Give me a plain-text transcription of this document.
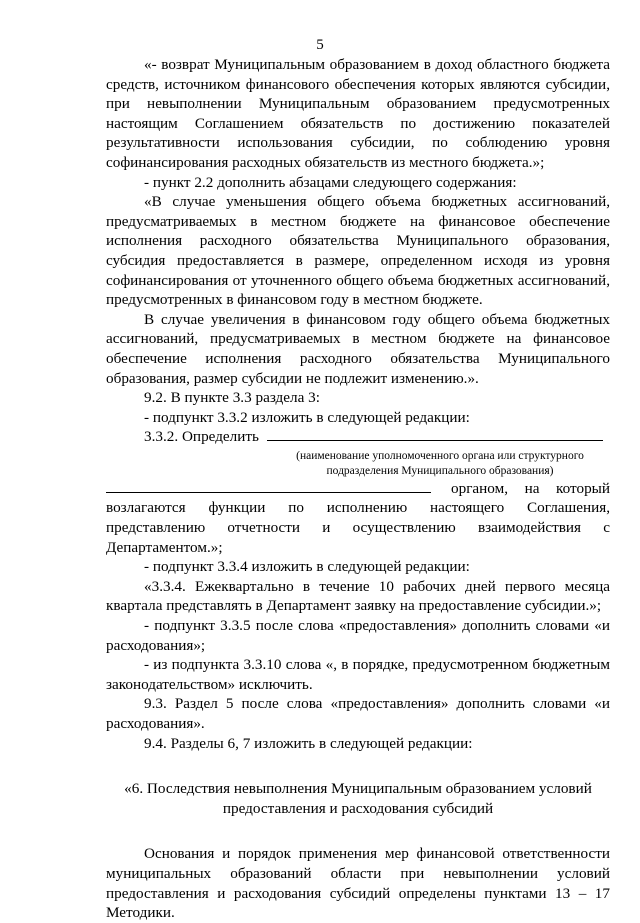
5

«- возврат Муниципальным образованием в доход областного бюджета средств, источником финансового обеспечения которых являются субсидии, при невыполнении Муниципальным образованием предусмотренных настоящим Соглашением обязательств по достижению показателей результативности использования субсидии, по соблюдению уровня софинансирования расходных обязательств из местного бюджета.»;

- пункт 2.2 дополнить абзацами следующего содержания:

«В случае уменьшения общего объема бюджетных ассигнований, предусматриваемых в местном бюджете на финансовое обеспечение исполнения расходного обязательства Муниципального образования, субсидия предоставляется в размере, определенном исходя из уровня софинансирования от уточненного общего объема бюджетных ассигнований, предусмотренных в финансовом году в местном бюджете.

В случае увеличения в финансовом году общего объема бюджетных ассигнований, предусматриваемых в местном бюджете на финансовое обеспечение исполнения расходного обязательства Муниципального образования, размер субсидии не подлежит изменению.».

9.2. В пункте 3.3 раздела 3:

- подпункт 3.3.2 изложить в следующей редакции:

3.3.2. Определить

(наименование уполномоченного органа или структурного подразделения Муниципального образования)
органом, на который

возлагаются функции по исполнению настоящего Соглашения, представлению отчетности и осуществлению взаимодействия с Департаментом.»;

- подпункт 3.3.4 изложить в следующей редакции:

«3.3.4. Ежеквартально в течение 10 рабочих дней первого месяца квартала представлять в Департамент заявку на предоставление субсидии.»;

- подпункт 3.3.5 после слова «предоставления» дополнить словами «и расходования»;

- из подпункта 3.3.10 слова «, в порядке, предусмотренном бюджетным законодательством» исключить.

9.3. Раздел 5 после слова «предоставления» дополнить словами «и расходования».

9.4. Разделы 6, 7 изложить в следующей редакции:

«6. Последствия невыполнения Муниципальным образованием условий предоставления и расходования субсидий

Основания и порядок применения мер финансовой ответственности муниципальных образований области при невыполнении условий предоставления и расходования субсидий определены пунктами 13 – 17 Методики.
